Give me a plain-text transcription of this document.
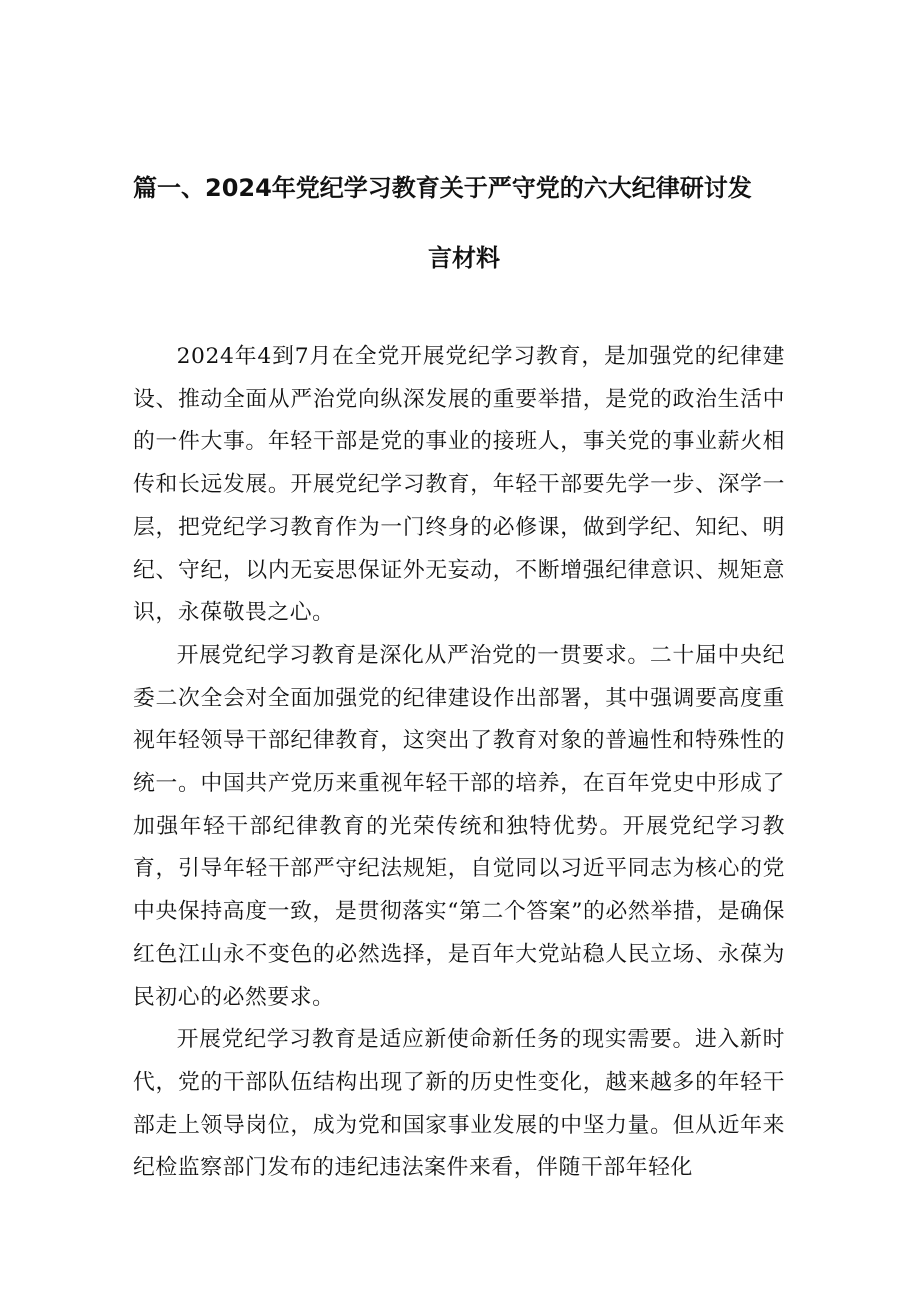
篇一、2024年党纪学习教育关于严守党的六大纪律研讨发
言材料

2024年4到7月在全党开展党纪学习教育，是加强党的纪律建设、推动全面从严治党向纵深发展的重要举措，是党的政治生活中的一件大事。年轻干部是党的事业的接班人，事关党的事业薪火相传和长远发展。开展党纪学习教育，年轻干部要先学一步、深学一层，把党纪学习教育作为一门终身的必修课，做到学纪、知纪、明纪、守纪，以内无妄思保证外无妄动，不断增强纪律意识、规矩意识，永葆敬畏之心。

开展党纪学习教育是深化从严治党的一贯要求。二十届中央纪委二次全会对全面加强党的纪律建设作出部署，其中强调要高度重视年轻领导干部纪律教育，这突出了教育对象的普遍性和特殊性的统一。中国共产党历来重视年轻干部的培养，在百年党史中形成了加强年轻干部纪律教育的光荣传统和独特优势。开展党纪学习教育，引导年轻干部严守纪法规矩，自觉同以习近平同志为核心的党中央保持高度一致，是贯彻落实“第二个答案”的必然举措，是确保红色江山永不变色的必然选择，是百年大党站稳人民立场、永葆为民初心的必然要求。

开展党纪学习教育是适应新使命新任务的现实需要。进入新时代，党的干部队伍结构出现了新的历史性变化，越来越多的年轻干部走上领导岗位，成为党和国家事业发展的中坚力量。但从近年来纪检监察部门发布的违纪违法案件来看，伴随干部年轻化
